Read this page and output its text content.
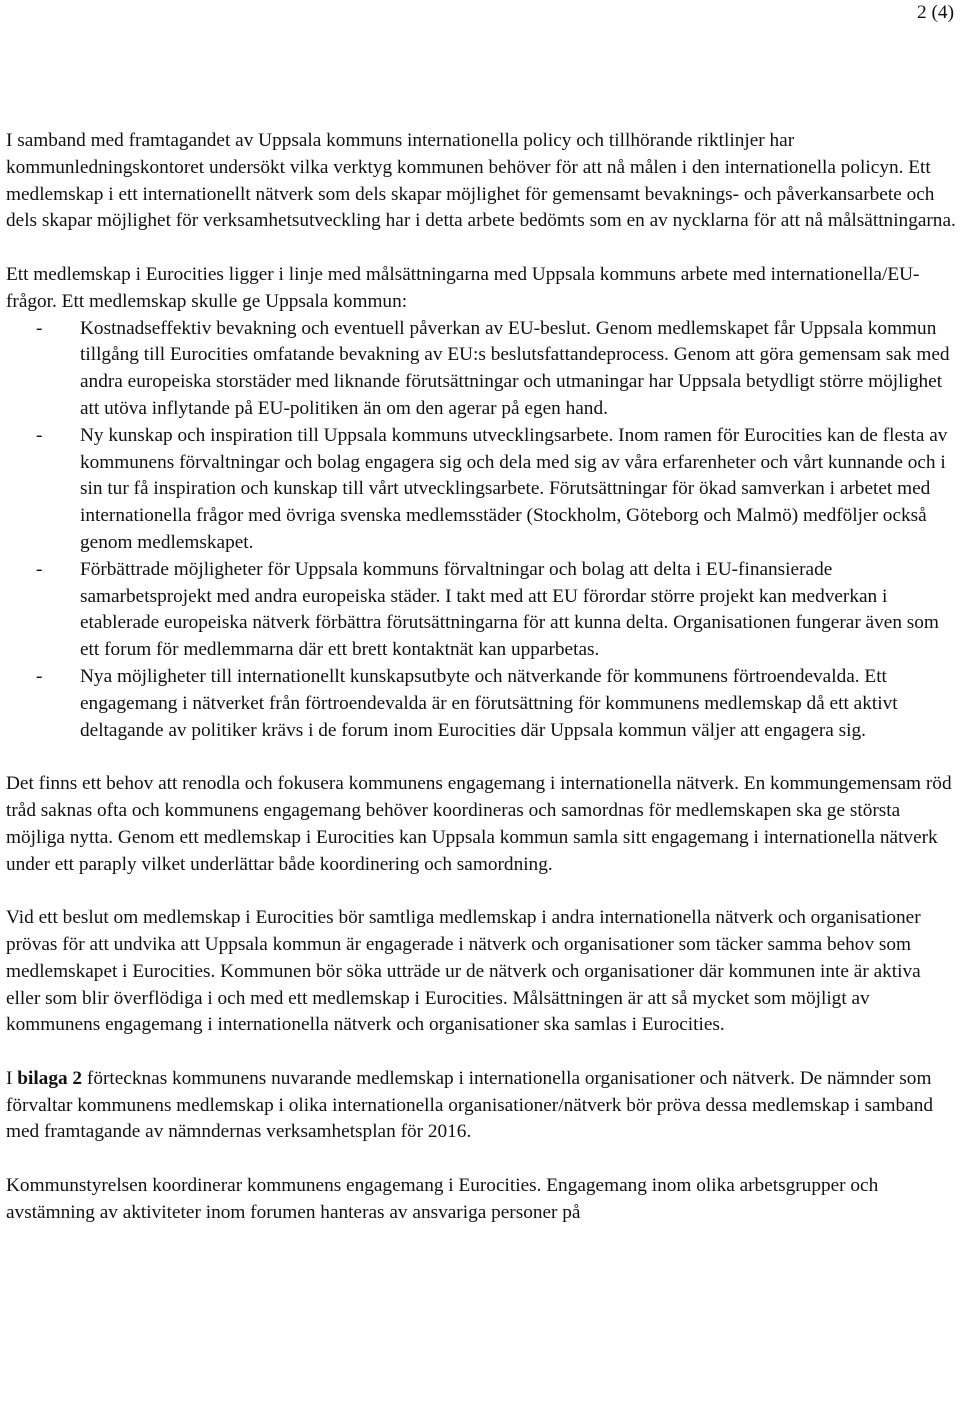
2 (4)

I samband med framtagandet av Uppsala kommuns internationella policy och tillhörande riktlinjer har kommunledningskontoret undersökt vilka verktyg kommunen behöver för att nå målen i den internationella policyn. Ett medlemskap i ett internationellt nätverk som dels skapar möjlighet för gemensamt bevaknings- och påverkansarbete och dels skapar möjlighet för verksamhetsutveckling har i detta arbete bedömts som en av nycklarna för att nå målsättningarna.

Ett medlemskap i Eurocities ligger i linje med målsättningarna med Uppsala kommuns arbete med internationella/EU-frågor. Ett medlemskap skulle ge Uppsala kommun:

- Kostnadseffektiv bevakning och eventuell påverkan av EU-beslut. Genom medlemskapet får Uppsala kommun tillgång till Eurocities omfatande bevakning av EU:s beslutsfattandeprocess. Genom att göra gemensam sak med andra europeiska storstäder med liknande förutsättningar och utmaningar har Uppsala betydligt större möjlighet att utöva inflytande på EU-politiken än om den agerar på egen hand.
- Ny kunskap och inspiration till Uppsala kommuns utvecklingsarbete. Inom ramen för Eurocities kan de flesta av kommunens förvaltningar och bolag engagera sig och dela med sig av våra erfarenheter och vårt kunnande och i sin tur få inspiration och kunskap till vårt utvecklingsarbete. Förutsättningar för ökad samverkan i arbetet med internationella frågor med övriga svenska medlemsstäder (Stockholm, Göteborg och Malmö) medföljer också genom medlemskapet.
- Förbättrade möjligheter för Uppsala kommuns förvaltningar och bolag att delta i EU-finansierade samarbetsprojekt med andra europeiska städer. I takt med att EU förordar större projekt kan medverkan i etablerade europeiska nätverk förbättra förutsättningarna för att kunna delta. Organisationen fungerar även som ett forum för medlemmarna där ett brett kontaktnät kan upparbetas.
- Nya möjligheter till internationellt kunskapsutbyte och nätverkande för kommunens förtroendevalda. Ett engagemang i nätverket från förtroendevalda är en förutsättning för kommunens medlemskap då ett aktivt deltagande av politiker krävs i de forum inom Eurocities där Uppsala kommun väljer att engagera sig.

Det finns ett behov att renodla och fokusera kommunens engagemang i internationella nätverk. En kommungemensam röd tråd saknas ofta och kommunens engagemang behöver koordineras och samordnas för medlemskapen ska ge största möjliga nytta. Genom ett medlemskap i Eurocities kan Uppsala kommun samla sitt engagemang i internationella nätverk under ett paraply vilket underlättar både koordinering och samordning.

Vid ett beslut om medlemskap i Eurocities bör samtliga medlemskap i andra internationella nätverk och organisationer prövas för att undvika att Uppsala kommun är engagerade i nätverk och organisationer som täcker samma behov som medlemskapet i Eurocities. Kommunen bör söka utträde ur de nätverk och organisationer där kommunen inte är aktiva eller som blir överflödiga i och med ett medlemskap i Eurocities. Målsättningen är att så mycket som möjligt av kommunens engagemang i internationella nätverk och organisationer ska samlas i Eurocities.

I bilaga 2 förtecknas kommunens nuvarande medlemskap i internationella organisationer och nätverk. De nämnder som förvaltar kommunens medlemskap i olika internationella organisationer/nätverk bör pröva dessa medlemskap i samband med framtagande av nämndernas verksamhetsplan för 2016.

Kommunstyrelsen koordinerar kommunens engagemang i Eurocities. Engagemang inom olika arbetsgrupper och avstämning av aktiviteter inom forumen hanteras av ansvariga personer på
